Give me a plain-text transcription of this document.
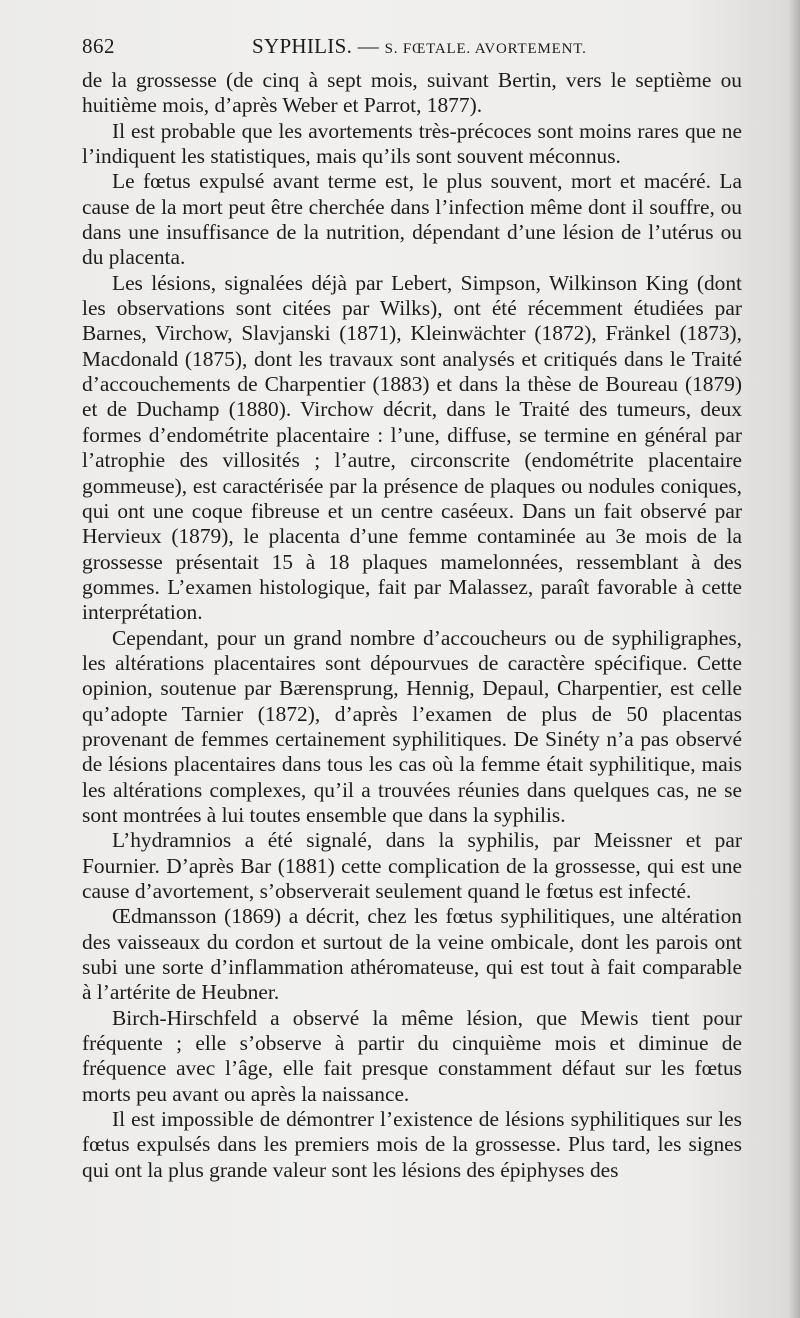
862	SYPHILIS. — S. FŒTALE. AVORTEMENT.

de la grossesse (de cinq à sept mois, suivant Bertin, vers le septième ou huitième mois, d’après Weber et Parrot, 1877).

Il est probable que les avortements très-précoces sont moins rares que ne l’indiquent les statistiques, mais qu’ils sont souvent méconnus.

Le fœtus expulsé avant terme est, le plus souvent, mort et macéré. La cause de la mort peut être cherchée dans l’infection même dont il souffre, ou dans une insuffisance de la nutrition, dépendant d’une lésion de l’utérus ou du placenta.

Les lésions, signalées déjà par Lebert, Simpson, Wilkinson King (dont les observations sont citées par Wilks), ont été récemment étudiées par Barnes, Virchow, Slavjanski (1871), Kleinwächter (1872), Fränkel (1873), Macdonald (1875), dont les travaux sont analysés et critiqués dans le Traité d’accouchements de Charpentier (1883) et dans la thèse de Boureau (1879) et de Duchamp (1880). Virchow décrit, dans le Traité des tumeurs, deux formes d’endométrite placentaire : l’une, diffuse, se termine en général par l’atrophie des villosités ; l’autre, circonscrite (endométrite placentaire gommeuse), est caractérisée par la présence de plaques ou nodules coniques, qui ont une coque fibreuse et un centre caséeux. Dans un fait observé par Hervieux (1879), le placenta d’une femme contaminée au 3e mois de la grossesse présentait 15 à 18 plaques mamelonnées, ressemblant à des gommes. L’examen histologique, fait par Malassez, paraît favorable à cette interprétation.

Cependant, pour un grand nombre d’accoucheurs ou de syphiligraphes, les altérations placentaires sont dépourvues de caractère spécifique. Cette opinion, soutenue par Bærensprung, Hennig, Depaul, Charpentier, est celle qu’adopte Tarnier (1872), d’après l’examen de plus de 50 placentas provenant de femmes certainement syphilitiques. De Sinéty n’a pas observé de lésions placentaires dans tous les cas où la femme était syphilitique, mais les altérations complexes, qu’il a trouvées réunies dans quelques cas, ne se sont montrées à lui toutes ensemble que dans la syphilis.

L’hydramnios a été signalé, dans la syphilis, par Meissner et par Fournier. D’après Bar (1881) cette complication de la grossesse, qui est une cause d’avortement, s’observerait seulement quand le fœtus est infecté.

Œdmansson (1869) a décrit, chez les fœtus syphilitiques, une altération des vaisseaux du cordon et surtout de la veine ombicale, dont les parois ont subi une sorte d’inflammation athéromateuse, qui est tout à fait comparable à l’artérite de Heubner.

Birch-Hirschfeld a observé la même lésion, que Mewis tient pour fréquente ; elle s’observe à partir du cinquième mois et diminue de fréquence avec l’âge, elle fait presque constamment défaut sur les fœtus morts peu avant ou après la naissance.

Il est impossible de démontrer l’existence de lésions syphilitiques sur les fœtus expulsés dans les premiers mois de la grossesse. Plus tard, les signes qui ont la plus grande valeur sont les lésions des épiphyses des
